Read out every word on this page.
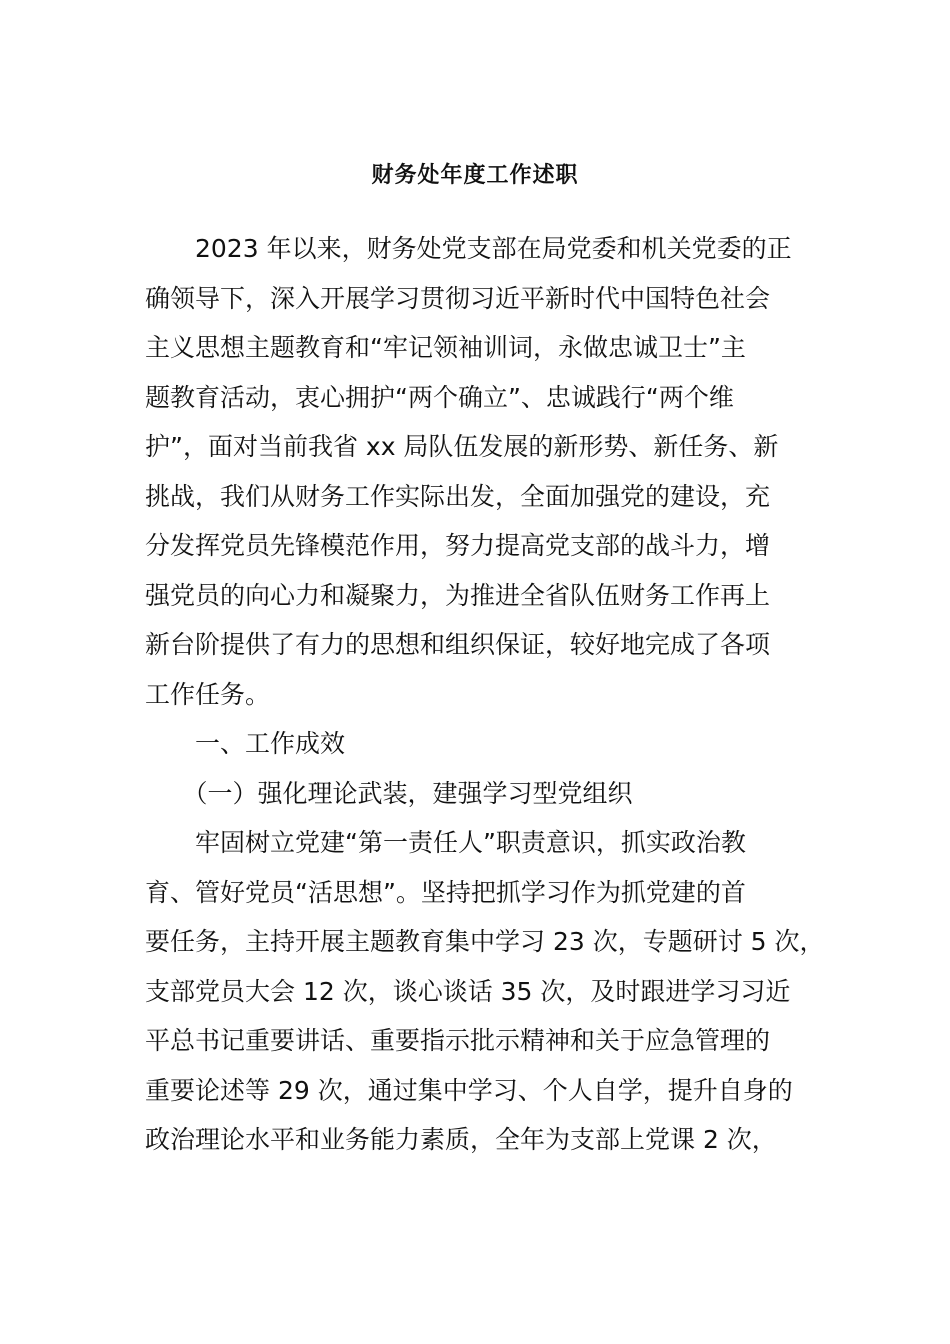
财务处年度工作述职
　　2023 年以来，财务处党支部在局党委和机关党委的正
确领导下，深入开展学习贯彻习近平新时代中国特色社会
主义思想主题教育和“牢记领袖训词，永做忠诚卫士”主
题教育活动，衷心拥护“两个确立”、忠诚践行“两个维
护”，面对当前我省 xx 局队伍发展的新形势、新任务、新
挑战，我们从财务工作实际出发，全面加强党的建设，充
分发挥党员先锋模范作用，努力提高党支部的战斗力，增
强党员的向心力和凝聚力，为推进全省队伍财务工作再上
新台阶提供了有力的思想和组织保证，较好地完成了各项
工作任务。
　　一、工作成效
　　（一）强化理论武装，建强学习型党组织
　　牢固树立党建“第一责任人”职责意识，抓实政治教
育、管好党员“活思想”。坚持把抓学习作为抓党建的首
要任务，主持开展主题教育集中学习 23 次，专题研讨 5 次，
支部党员大会 12 次，谈心谈话 35 次，及时跟进学习习近
平总书记重要讲话、重要指示批示精神和关于应急管理的
重要论述等 29 次，通过集中学习、个人自学，提升自身的
政治理论水平和业务能力素质，全年为支部上党课 2 次，
